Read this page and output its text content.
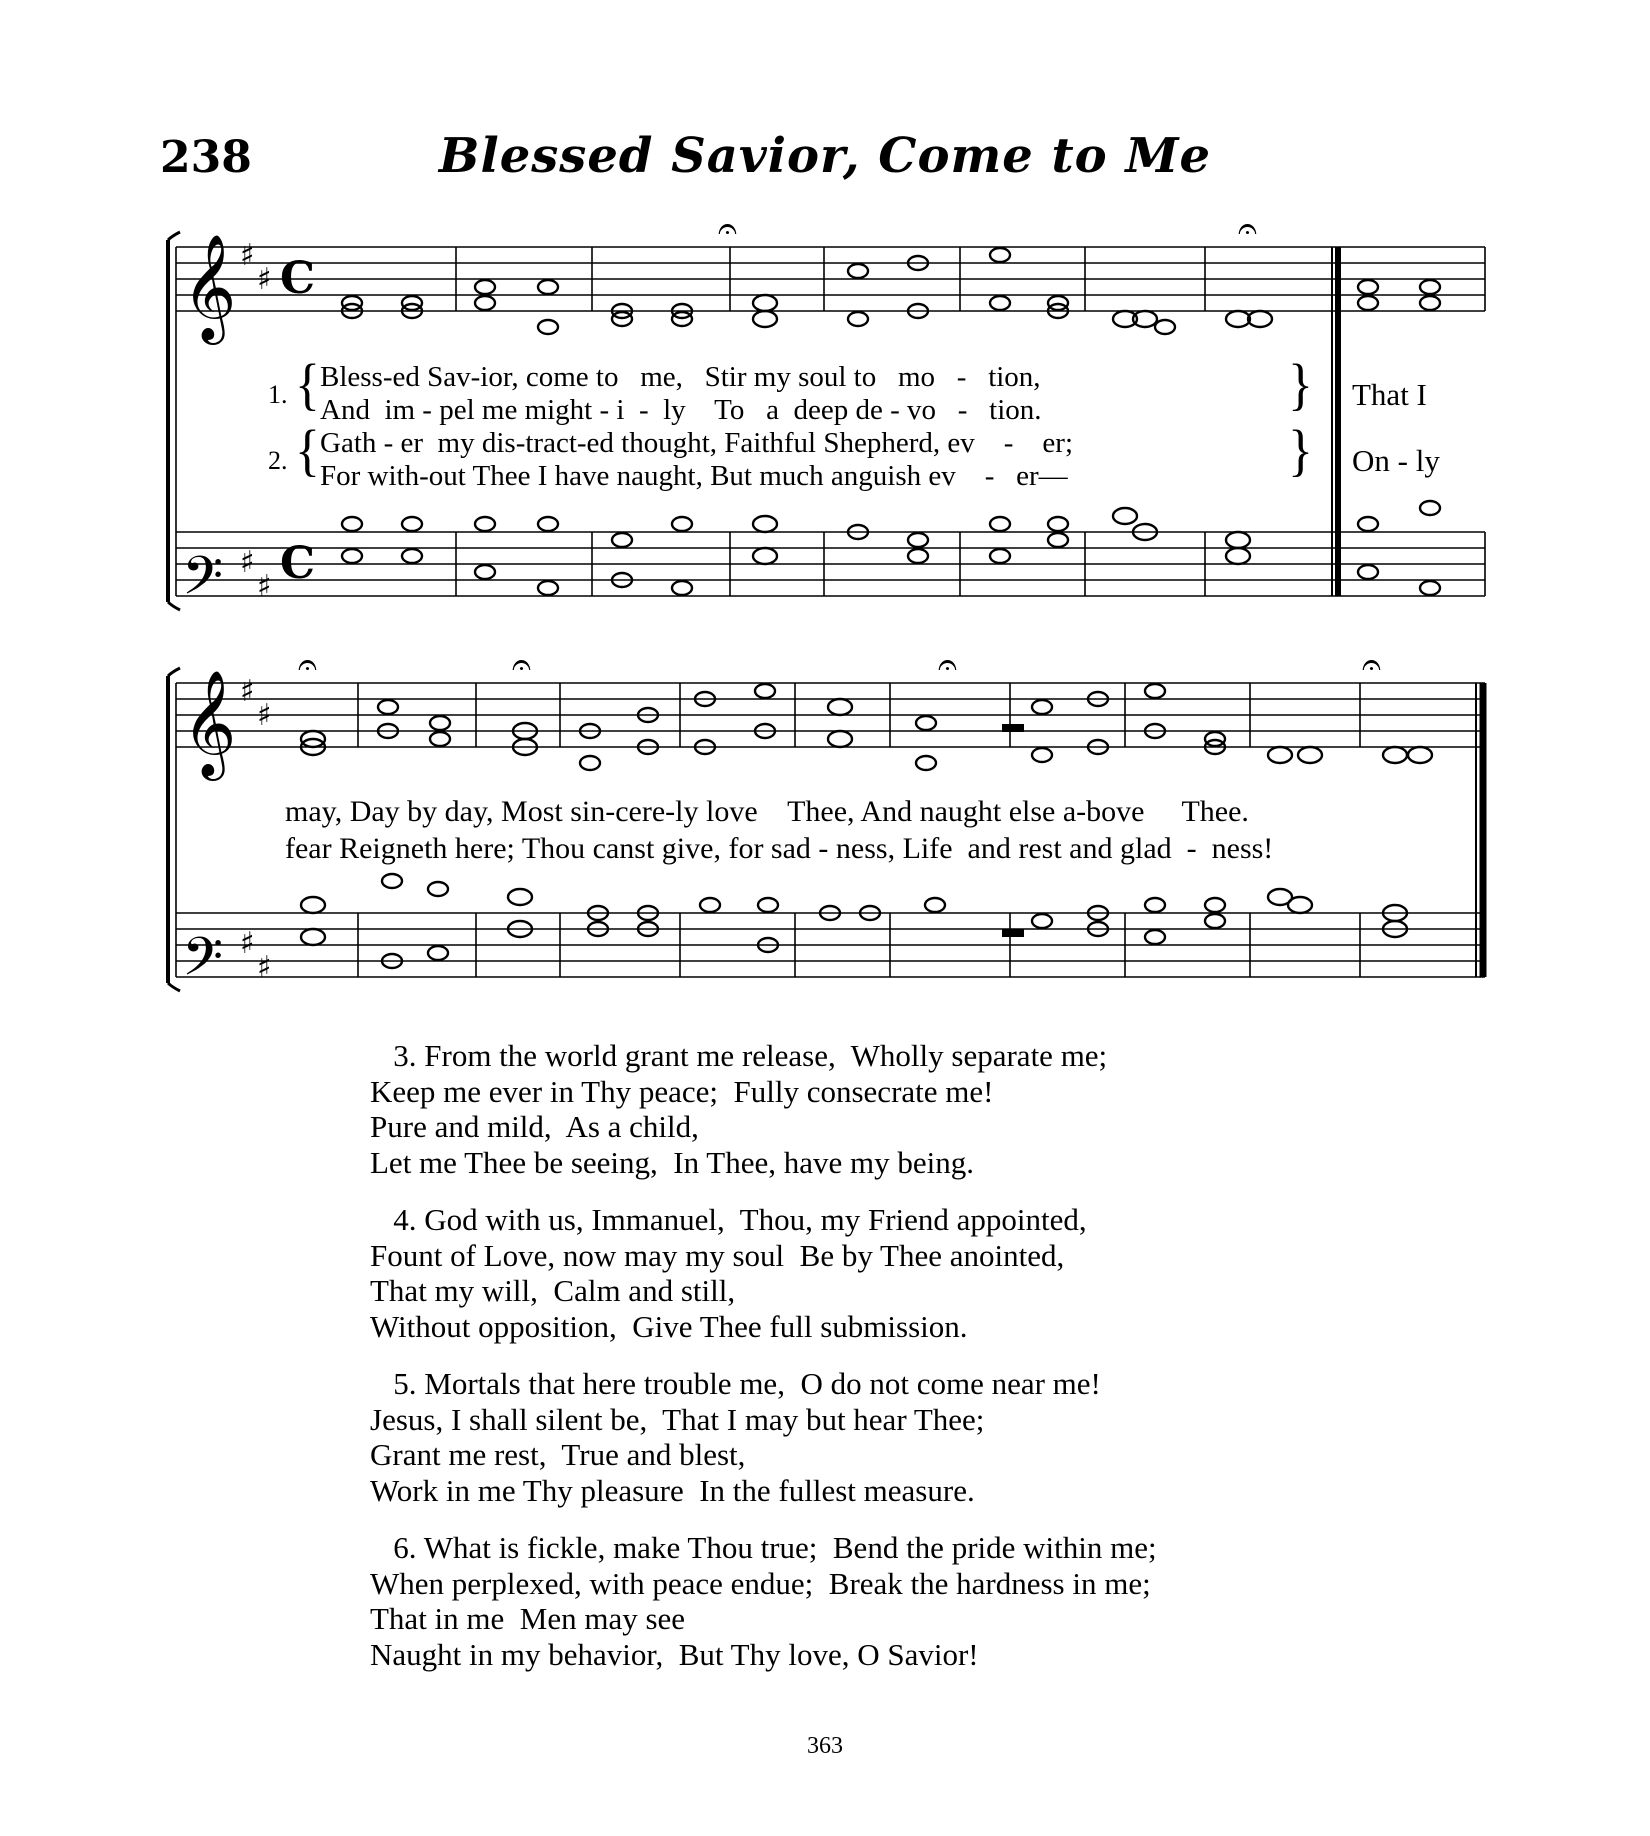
238	Blessed Savior, Come to Me
𝄞
𝄢
𝄞
𝄢
♯
♯
♯
♯
♯
♯
♯
♯
C
C
𝄐	𝄐
𝄐	𝄐	𝄐	𝄐
1.
2.
{
{
}
}
Bless-ed Sav-ior, come to   me,   Stir my soul to   mo   -   tion,
And  im - pel me might - i  -  ly    To   a  deep de - vo   -   tion.
Gath - er  my dis-tract-ed thought, Faithful Shepherd, ev    -    er;
For with-out Thee I have naught, But much anguish ev    -   er—
That I
On - ly
may, Day by day, Most sin-cere-ly love    Thee, And naught else a-bove     Thee.
fear Reigneth here; Thou canst give, for sad - ness, Life  and rest and glad  -  ness!
3. From the world grant me release,  Wholly separate me;
Keep me ever in Thy peace;  Fully consecrate me!
Pure and mild,  As a child,
Let me Thee be seeing,  In Thee, have my being.
4. God with us, Immanuel,  Thou, my Friend appointed,
Fount of Love, now may my soul  Be by Thee anointed,
That my will,  Calm and still,
Without opposition,  Give Thee full submission.
5. Mortals that here trouble me,  O do not come near me!
Jesus, I shall silent be,  That I may but hear Thee;
Grant me rest,  True and blest,
Work in me Thy pleasure  In the fullest measure.
6. What is fickle, make Thou true;  Bend the pride within me;
When perplexed, with peace endue;  Break the hardness in me;
That in me  Men may see
Naught in my behavior,  But Thy love, O Savior!
363
